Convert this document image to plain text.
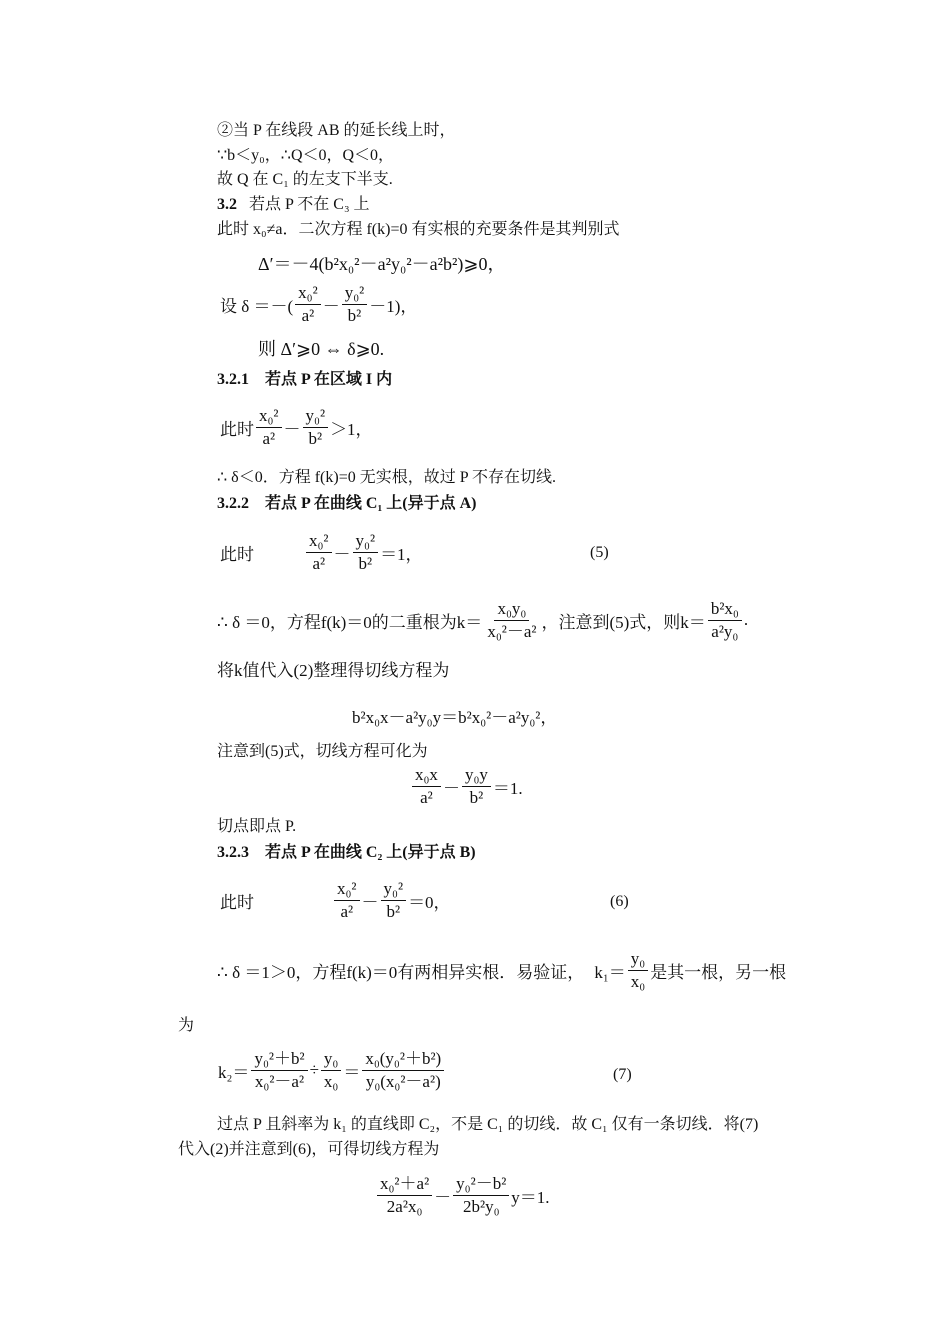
②当 P 在线段 AB 的延长线上时，
∵b＜y₀，∴Q＜0，Q＜0，
故 Q 在 C₁ 的左支下半支.
3.2 若点 P 不在 C₃ 上
此时 x₀≠a．二次方程 f(k)=0 有实根的充要条件是其判别式
Δ′＝－4(b²x₀²－a²y₀²－a²b²)⩾0，
设 δ ＝－( $\frac{\text{x₀²}}{\text{a²}} - \frac{\text{y₀²}}{\text{b²}} -1$)，
则 Δ′⩾0 ⇔ δ⩾0.
3.2.1　若点 P 在区域 I 内
此时 $\frac{\text{x₀²}}{\text{a²}} - \frac{\text{y₀²}}{\text{b²}} >1$，
∴ δ＜0．方程 f(k)=0 无实根，故过 P 不存在切线.
3.2.2　若点 P 在曲线 C₁ 上(异于点 A)
此时	$\frac{\text{x₀²}}{\text{a²}} - \frac{\text{y₀²}}{\text{b²}} =1$，	(5)
∴ δ ＝0，方程f(k)＝0的二重根为$k= \frac{\text{x₀y₀}}{\text{x₀²－a²}}$ ，注意到(5)式，则$k= \frac{\text{b²x₀}}{\text{a²y₀}}$ .
将k值代入(2)整理得切线方程为
b²x₀x－a²y₀y＝b²x₀²－a²y₀²，
注意到(5)式，切线方程可化为
$\frac{\text{x₀x}}{\text{a²}} - \frac{\text{y₀y}}{\text{b²}} =1$.
切点即点 P.
3.2.3　若点 P 在曲线 C₂ 上(异于点 B)
此时	$\frac{\text{x₀²}}{\text{a²}} - \frac{\text{y₀²}}{\text{b²}} =0$，	(6)
∴ δ ＝1＞0，方程f(k)＝0有两相异实根．易验证， $k_1= \frac{\text{y₀}}{\text{x₀}}$ 是其一根，另一根
为
$k_2= \frac{\text{y₀²＋b²}}{\text{x₀²－a²}} \div \frac{\text{y₀}}{\text{x₀}} = \frac{\text{x₀(y₀²＋b²)}}{\text{y₀(x₀²－a²)}}$	(7)
过点 P 且斜率为 k₁ 的直线即 C₂，不是 C₁ 的切线．故 C₁ 仅有一条切线．将(7)
代入(2)并注意到(6)，可得切线方程为
$\frac{\text{x₀²＋a²}}{\text{2a²x₀}} - \frac{\text{y₀²－b²}}{\text{2b²y₀}} y=1$.
